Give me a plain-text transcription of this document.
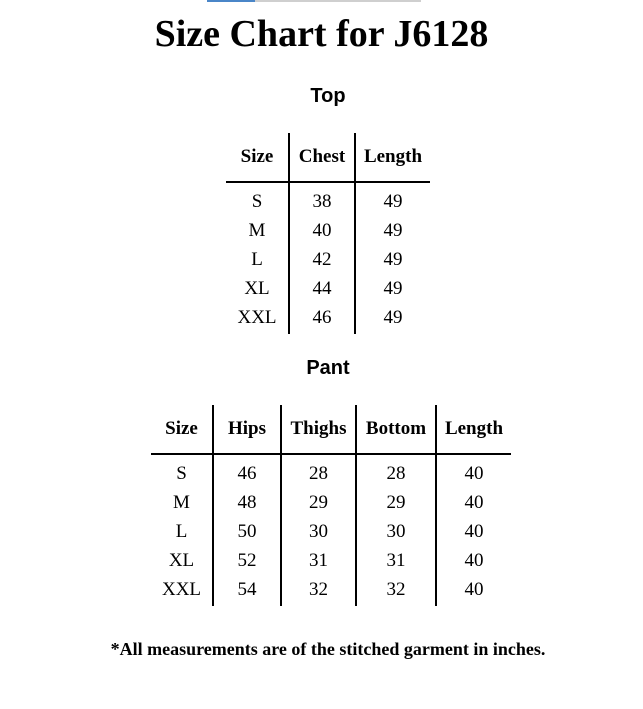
Size Chart for J6128
Top
Size	Chest	Length
S	38	49
M	40	49
L	42	49
XL	44	49
XXL	46	49
Pant
Size	Hips	Thighs	Bottom	Length
S	46	28	28	40
M	48	29	29	40
L	50	30	30	40
XL	52	31	31	40
XXL	54	32	32	40

*All measurements are of the stitched garment in inches.
